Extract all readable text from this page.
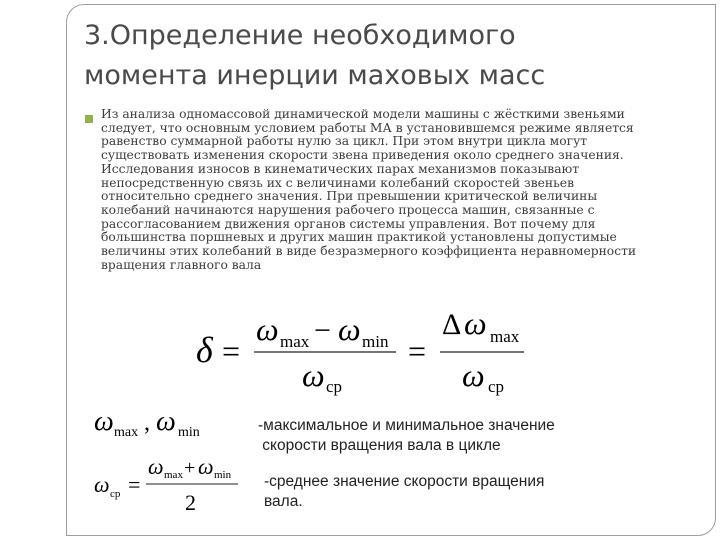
3.Определение необходимого
момента инерции маховых масс

Из анализа одномассовой динамической модели машины с жёсткими звеньями следует, что основным условием работы МА в установившемся режиме является равенство суммарной работы нулю за цикл. При этом внутри цикла могут существовать изменения скорости звена приведения около среднего значения. Исследования износов в кинематических парах механизмов показывают непосредственную связь их с величинами колебаний скоростей звеньев относительно среднего значения. При превышении критической величины колебаний начинаются нарушения рабочего процесса машин, связанные с рассогласованием движения органов системы управления. Вот почему для большинства поршневых и других машин практикой установлены допустимые величины этих колебаний в виде безразмерного коэффициента неравномерности вращения главного вала

δ =
ω max − ω min
ω ср
=
Δ ω max
ω ср
ω max , ω min	-максимальное и минимальное значение
скорости вращения вала в цикле

ω ср =
ω max + ω min
2

-среднее значение скорости вращения
вала.
